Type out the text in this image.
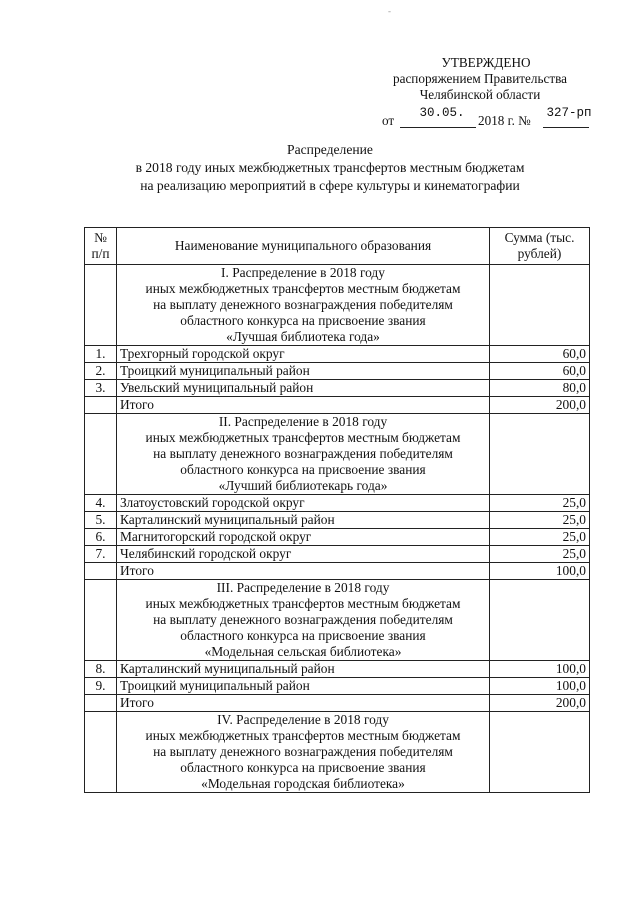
-
УТВЕРЖДЕНО
распоряжением Правительства
Челябинской области
от	30.05.	2018 г. № 327-рп
Распределение
в 2018 году иных межбюджетных трансфертов местным бюджетам
на реализацию мероприятий в сфере культуры и кинематографии
№ п/п	Наименование муниципального образования	Сумма (тыс. рублей)

	I. Распределение в 2018 году
иных межбюджетных трансфертов местным бюджетам
на выплату денежного вознаграждения победителям
областного конкурса на присвоение звания
«Лучшая библиотека года»	

1.	Трехгорный городской округ	60,0
2.	Троицкий муниципальный район	60,0
3.	Увельский муниципальный район	80,0
	Итого	200,0

	II. Распределение в 2018 году
иных межбюджетных трансфертов местным бюджетам
на выплату денежного вознаграждения победителям
областного конкурса на присвоение звания
«Лучший библиотекарь года»	

4.	Златоустовский городской округ	25,0
5.	Карталинский муниципальный район	25,0
6.	Магнитогорский городской округ	25,0
7.	Челябинский городской округ	25,0
	Итого	100,0

	III. Распределение в 2018 году
иных межбюджетных трансфертов местным бюджетам
на выплату денежного вознаграждения победителям
областного конкурса на присвоение звания
«Модельная сельская библиотека»	

8.	Карталинский муниципальный район	100,0
9.	Троицкий муниципальный район	100,0
	Итого	200,0

	IV. Распределение в 2018 году
иных межбюджетных трансфертов местным бюджетам
на выплату денежного вознаграждения победителям
областного конкурса на присвоение звания
«Модельная городская библиотека»	
